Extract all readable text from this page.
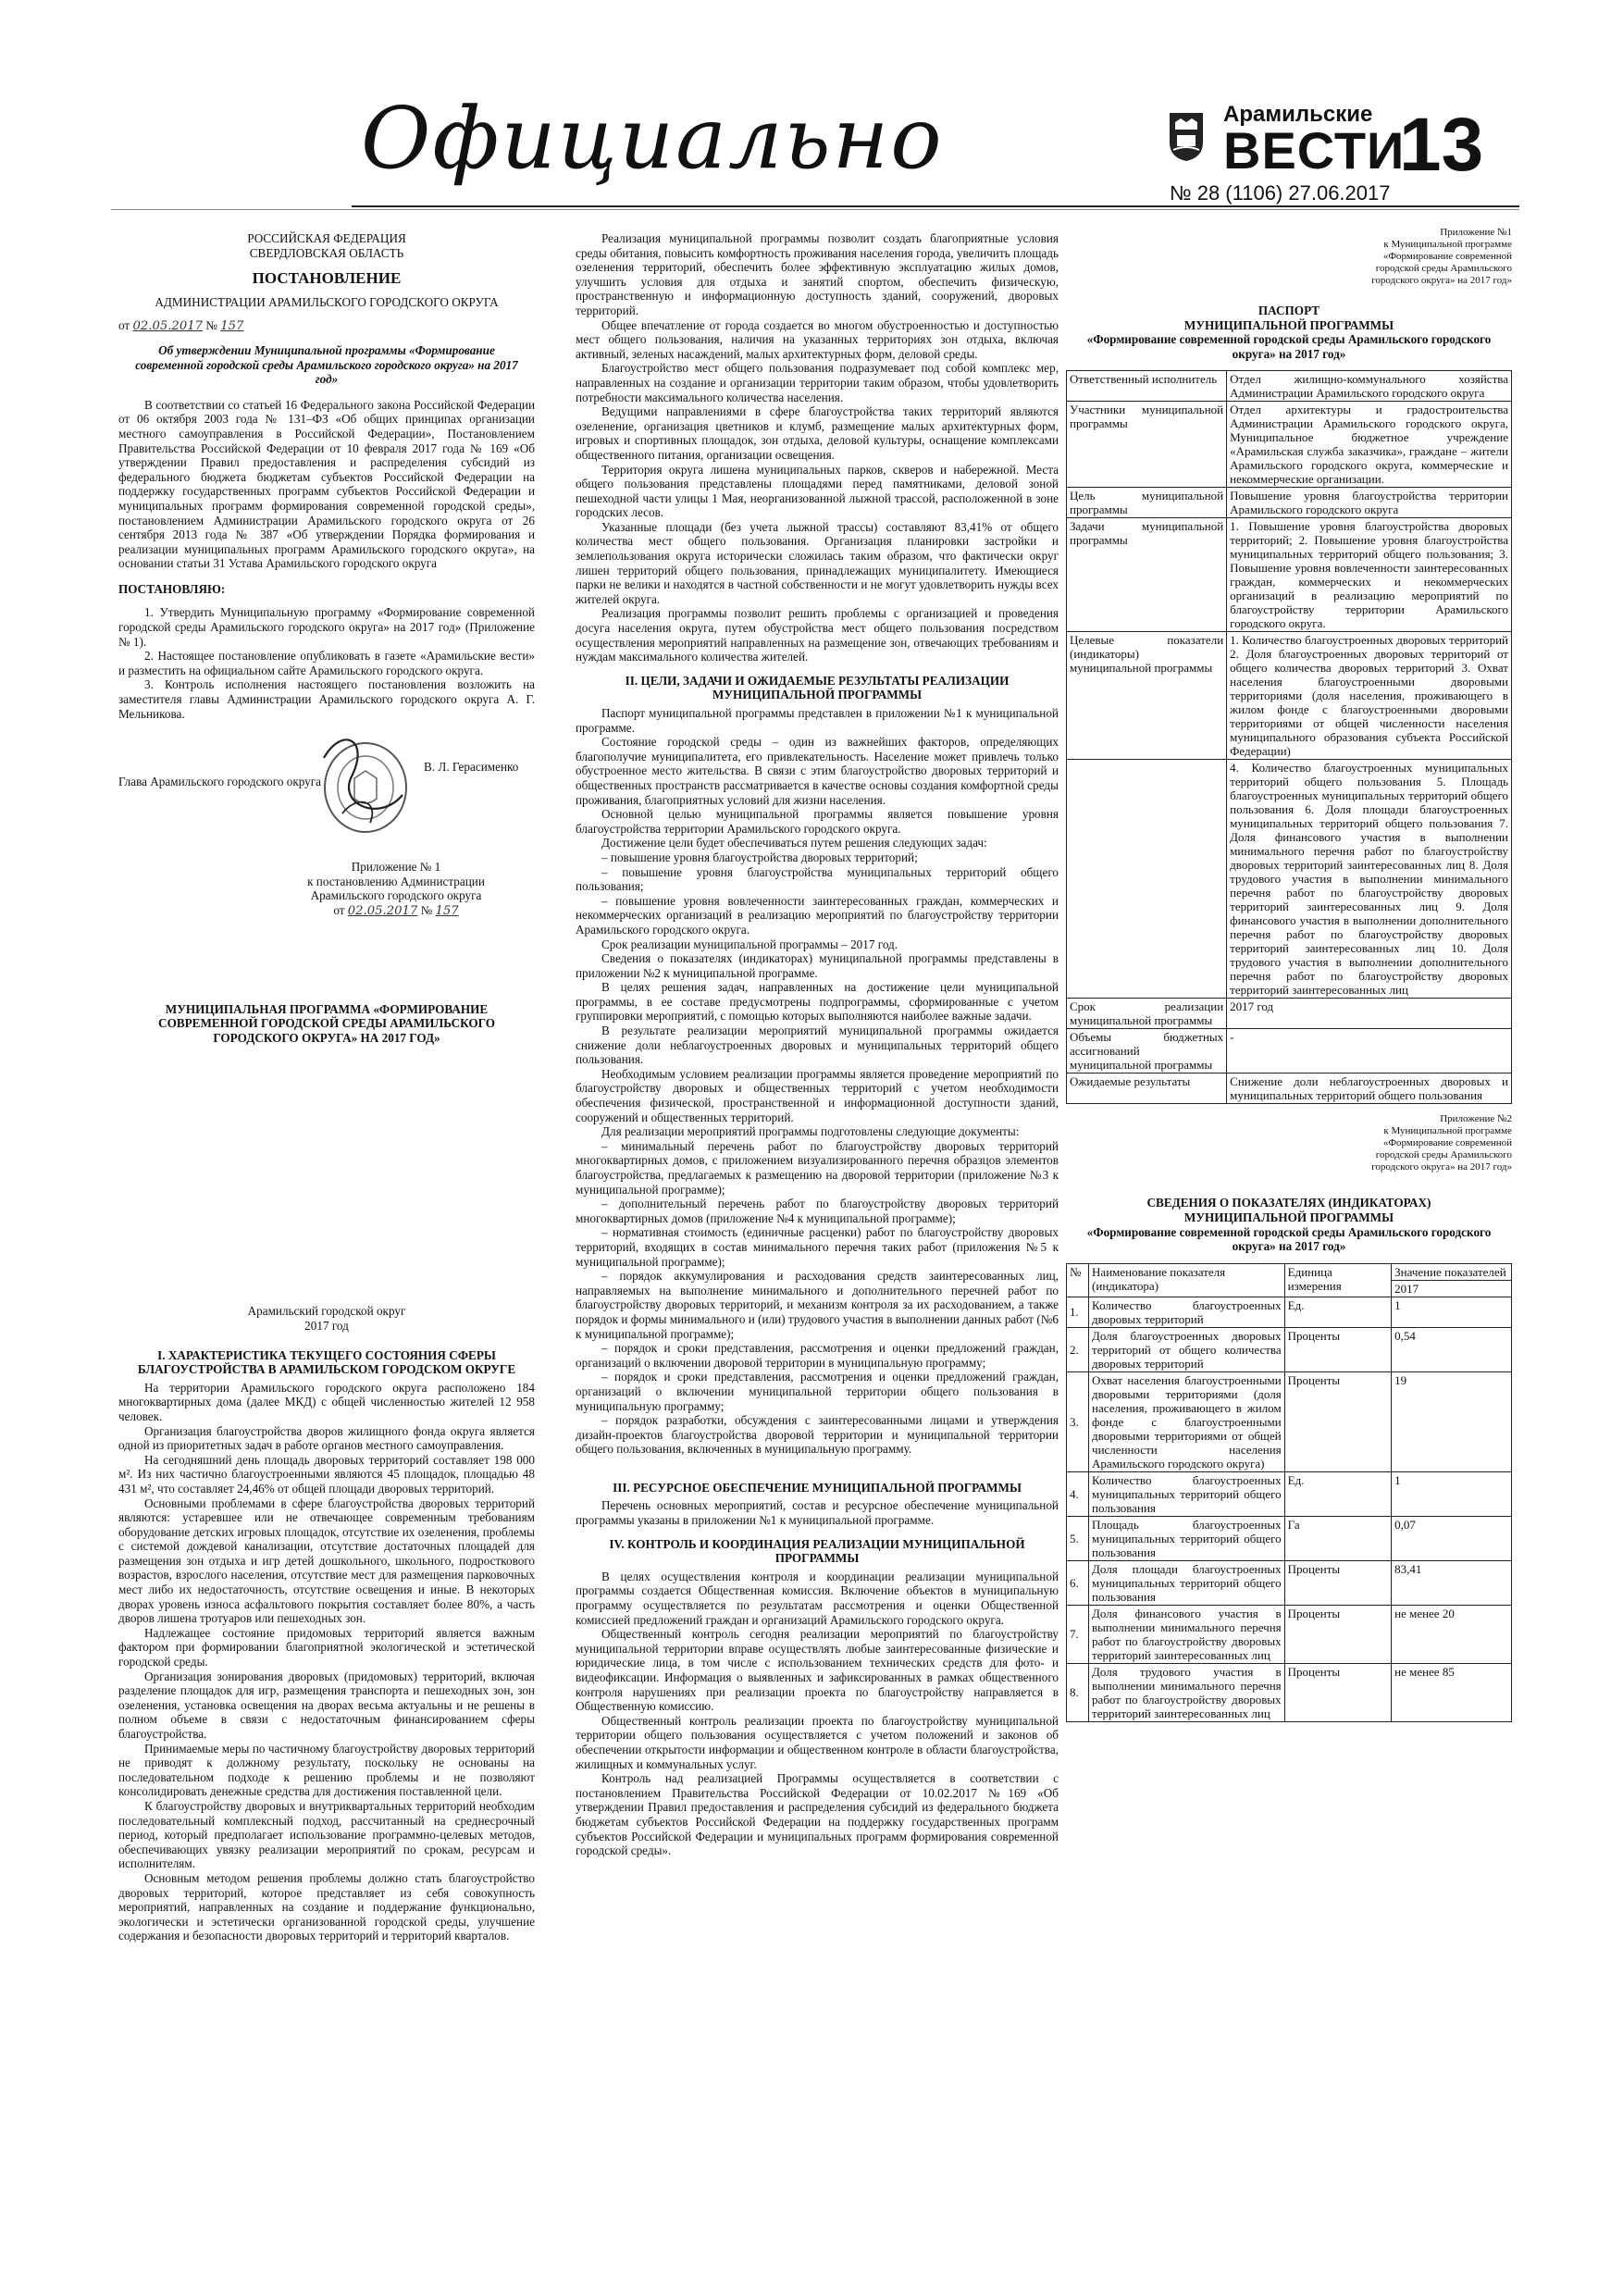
Официально	Арамильские
ВЕСТИ
13
№ 28 (1106) 27.06.2017
РОССИЙСКАЯ ФЕДЕРАЦИЯ
СВЕРДЛОВСКАЯ ОБЛАСТЬ
ПОСТАНОВЛЕНИЕ
АДМИНИСТРАЦИИ АРАМИЛЬСКОГО ГОРОДСКОГО ОКРУГА
от 02.05.2017 № 157
Об утверждении Муниципальной программы «Формирование современной городской среды Арамильского городского округа» на 2017 год»

В соответствии со статьей 16 Федерального закона Российской Федерации от 06 октября 2003 года № 131–ФЗ «Об общих принципах организации местного самоуправления в Российской Федерации», Постановлением Правительства Российской Федерации от 10 февраля 2017 года № 169 «Об утверждении Правил предоставления и распределения субсидий из федерального бюджета бюджетам субъектов Российской Федерации на поддержку государственных программ субъектов Российской Федерации и муниципальных программ формирования современной городской среды», постановлением Администрации Арамильского городского округа от 26 сентября 2013 года № 387 «Об утверждении Порядка формирования и реализации муниципальных программ Арамильского городского округа», на основании статьи 31 Устава Арамильского городского округа

ПОСТАНОВЛЯЮ:

1. Утвердить Муниципальную программу «Формирование современной городской среды Арамильского городского округа» на 2017 год» (Приложение № 1).

2. Настоящее постановление опубликовать в газете «Арамильские вести» и разместить на официальном сайте Арамильского городского округа.

3. Контроль исполнения настоящего постановления возложить на заместителя главы Администрации Арамильского городского округа А. Г. Мельникова.

Глава Арамильского городского округа
В. Л. Герасименко
Приложение № 1
к постановлению Администрации
Арамильского городского округа
от 02.05.2017 № 157
МУНИЦИПАЛЬНАЯ ПРОГРАММА «ФОРМИРОВАНИЕ СОВРЕМЕННОЙ ГОРОДСКОЙ СРЕДЫ АРАМИЛЬСКОГО ГОРОДСКОГО ОКРУГА» НА 2017 ГОД»
Арамильский городской округ
2017 год
I. ХАРАКТЕРИСТИКА ТЕКУЩЕГО СОСТОЯНИЯ СФЕРЫ БЛАГОУСТРОЙСТВА В АРАМИЛЬСКОМ ГОРОДСКОМ ОКРУГЕ

На территории Арамильского городского округа расположено 184 многоквартирных дома (далее МКД) с общей численностью жителей 12 958 человек.

Организация благоустройства дворов жилищного фонда округа является одной из приоритетных задач в работе органов местного самоуправления.

На сегодняшний день площадь дворовых территорий составляет 198 000 м². Из них частично благоустроенными являются 45 площадок, площадью 48 431 м², что составляет 24,46% от общей площади дворовых территорий.

Основными проблемами в сфере благоустройства дворовых территорий являются: устаревшее или не отвечающее современным требованиям оборудование детских игровых площадок, отсутствие их озеленения, проблемы с системой дождевой канализации, отсутствие достаточных площадей для размещения зон отдыха и игр детей дошкольного, школьного, подросткового возрастов, взрослого населения, отсутствие мест для размещения парковочных мест либо их недостаточность, отсутствие освещения и иные. В некоторых дворах уровень износа асфальтового покрытия составляет более 80%, а часть дворов лишена тротуаров или пешеходных зон.

Надлежащее состояние придомовых территорий является важным фактором при формировании благоприятной экологической и эстетической городской среды.

Организация зонирования дворовых (придомовых) территорий, включая разделение площадок для игр, размещения транспорта и пешеходных зон, зон озеленения, установка освещения на дворах весьма актуальны и не решены в полном объеме в связи с недостаточным финансированием сферы благоустройства.

Принимаемые меры по частичному благоустройству дворовых территорий не приводят к должному результату, поскольку не основаны на последовательном подходе к решению проблемы и не позволяют консолидировать денежные средства для достижения поставленной цели.

К благоустройству дворовых и внутриквартальных территорий необходим последовательный комплексный подход, рассчитанный на среднесрочный период, который предполагает использование программно-целевых методов, обеспечивающих увязку реализации мероприятий по срокам, ресурсам и исполнителям.

Основным методом решения проблемы должно стать благоустройство дворовых территорий, которое представляет из себя совокупность мероприятий, направленных на создание и поддержание функционально, экологически и эстетически организованной городской среды, улучшение содержания и безопасности дворовых территорий и территорий кварталов.

Реализация муниципальной программы позволит создать благоприятные условия среды обитания, повысить комфортность проживания населения города, увеличить площадь озеленения территорий, обеспечить более эффективную эксплуатацию жилых домов, улучшить условия для отдыха и занятий спортом, обеспечить физическую, пространственную и информационную доступность зданий, сооружений, дворовых территорий.

Общее впечатление от города создается во многом обустроенностью и доступностью мест общего пользования, наличия на указанных территориях зон отдыха, включая активный, зеленых насаждений, малых архитектурных форм, деловой среды.

Благоустройство мест общего пользования подразумевает под собой комплекс мер, направленных на создание и организации территории таким образом, чтобы удовлетворить потребности максимального количества населения.

Ведущими направлениями в сфере благоустройства таких территорий являются озеленение, организация цветников и клумб, размещение малых архитектурных форм, игровых и спортивных площадок, зон отдыха, деловой культуры, оснащение комплексами общественного питания, организации освещения.

Территория округа лишена муниципальных парков, скверов и набережной. Места общего пользования представлены площадями перед памятниками, деловой зоной пешеходной части улицы 1 Мая, неорганизованной лыжной трассой, расположенной в зоне городских лесов.

Указанные площади (без учета лыжной трассы) составляют 83,41% от общего количества мест общего пользования. Организация планировки застройки и землепользования округа исторически сложилась таким образом, что фактически округ лишен территорий общего пользования, принадлежащих муниципалитету. Имеющиеся парки не велики и находятся в частной собственности и не могут удовлетворить нужды всех жителей округа.

Реализация программы позволит решить проблемы с организацией и проведения досуга населения округа, путем обустройства мест общего пользования посредством осуществления мероприятий направленных на размещение зон, отвечающих требованиям и нуждам максимального количества жителей.

II. ЦЕЛИ, ЗАДАЧИ И ОЖИДАЕМЫЕ РЕЗУЛЬТАТЫ РЕАЛИЗАЦИИ МУНИЦИПАЛЬНОЙ ПРОГРАММЫ

Паспорт муниципальной программы представлен в приложении №1 к муниципальной программе.

Состояние городской среды – один из важнейших факторов, определяющих благополучие муниципалитета, его привлекательность. Население может привлечь только обустроенное место жительства. В связи с этим благоустройство дворовых территорий и общественных пространств рассматривается в качестве основы создания комфортной среды проживания, благоприятных условий для жизни населения.

Основной целью муниципальной программы является повышение уровня благоустройства территории Арамильского городского округа.

Достижение цели будет обеспечиваться путем решения следующих задач:

– повышение уровня благоустройства дворовых территорий;

– повышение уровня благоустройства муниципальных территорий общего пользования;

– повышение уровня вовлеченности заинтересованных граждан, коммерческих и некоммерческих организаций в реализацию мероприятий по благоустройству территории Арамильского городского округа.

Срок реализации муниципальной программы – 2017 год.

Сведения о показателях (индикаторах) муниципальной программы представлены в приложении №2 к муниципальной программе.

В целях решения задач, направленных на достижение цели муниципальной программы, в ее составе предусмотрены подпрограммы, сформированные с учетом группировки мероприятий, с помощью которых выполняются наиболее важные задачи.

В результате реализации мероприятий муниципальной программы ожидается снижение доли неблагоустроенных дворовых и муниципальных территорий общего пользования.

Необходимым условием реализации программы является проведение мероприятий по благоустройству дворовых и общественных территорий с учетом необходимости обеспечения физической, пространственной и информационной доступности зданий, сооружений и общественных территорий.

Для реализации мероприятий программы подготовлены следующие документы:

– минимальный перечень работ по благоустройству дворовых территорий многоквартирных домов, с приложением визуализированного перечня образцов элементов благоустройства, предлагаемых к размещению на дворовой территории (приложение №3 к муниципальной программе);

– дополнительный перечень работ по благоустройству дворовых территорий многоквартирных домов (приложение №4 к муниципальной программе);

– нормативная стоимость (единичные расценки) работ по благоустройству дворовых территорий, входящих в состав минимального перечня таких работ (приложения №5 к муниципальной программе);

– порядок аккумулирования и расходования средств заинтересованных лиц, направляемых на выполнение минимального и дополнительного перечней работ по благоустройству дворовых территорий, и механизм контроля за их расходованием, а также порядок и формы минимального и (или) трудового участия в выполнении данных работ (№6 к муниципальной программе);

– порядок и сроки представления, рассмотрения и оценки предложений граждан, организаций о включении дворовой территории в муниципальную программу;

– порядок и сроки представления, рассмотрения и оценки предложений граждан, организаций о включении муниципальной территории общего пользования в муниципальную программу;

– порядок разработки, обсуждения с заинтересованными лицами и утверждения дизайн-проектов благоустройства дворовой территории и муниципальной территории общего пользования, включенных в муниципальную программу.

III. РЕСУРСНОЕ ОБЕСПЕЧЕНИЕ МУНИЦИПАЛЬНОЙ ПРОГРАММЫ

Перечень основных мероприятий, состав и ресурсное обеспечение муниципальной программы указаны в приложении №1 к муниципальной программе.

IV. КОНТРОЛЬ И КООРДИНАЦИЯ РЕАЛИЗАЦИИ МУНИЦИПАЛЬНОЙ ПРОГРАММЫ

В целях осуществления контроля и координации реализации муниципальной программы создается Общественная комиссия. Включение объектов в муниципальную программу осуществляется по результатам рассмотрения и оценки Общественной комиссией предложений граждан и организаций Арамильского городского округа.

Общественный контроль сегодня реализации мероприятий по благоустройству муниципальной территории вправе осуществлять любые заинтересованные физические и юридические лица, в том числе с использованием технических средств для фото- и видеофиксации. Информация о выявленных и зафиксированных в рамках общественного контроля нарушениях при реализации проекта по благоустройству направляется в Общественную комиссию.

Общественный контроль реализации проекта по благоустройству муниципальной территории общего пользования осуществляется с учетом положений и законов об обеспечении открытости информации и общественном контроле в области благоустройства, жилищных и коммунальных услуг.

Контроль над реализацией Программы осуществляется в соответствии с постановлением Правительства Российской Федерации от 10.02.2017 №169 «Об утверждении Правил предоставления и распределения субсидий из федерального бюджета бюджетам субъектов Российской Федерации на поддержку государственных программ субъектов Российской Федерации и муниципальных программ формирования современной городской среды».

Приложение №1

к Муниципальной программе

«Формирование современной

городской среды Арамильского

городского округа» на 2017 год»

ПАСПОРТ
МУНИЦИПАЛЬНОЙ ПРОГРАММЫ
«Формирование современной городской среды Арамильского городского округа» на 2017 год»
Ответственный исполнитель	Отдел жилищно-коммунального хозяйства Администрации Арамильского городского округа
Участники муниципальной программы	Отдел архитектуры и градостроительства Администрации Арамильского городского округа, Муниципальное бюджетное учреждение «Арамильская служба заказчика», граждане – жители Арамильского городского округа, коммерческие и некоммерческие организации.
Цель муниципальной программы	Повышение уровня благоустройства территории Арамильского городского округа
Задачи муниципальной программы	1. Повышение уровня благоустройства дворовых территорий; 2. Повышение уровня благоустройства муниципальных территорий общего пользования; 3. Повышение уровня вовлеченности заинтересованных граждан, коммерческих и некоммерческих организаций в реализацию мероприятий по благоустройству территории Арамильского городского округа.
Целевые показатели (индикаторы) муниципальной программы	1. Количество благоустроенных дворовых территорий 2. Доля благоустроенных дворовых территорий от общего количества дворовых территорий 3. Охват населения благоустроенными дворовыми территориями (доля населения, проживающего в жилом фонде с благоустроенными дворовыми территориями от общей численности населения муниципального образования субъекта Российской Федерации)
	4. Количество благоустроенных муниципальных территорий общего пользования 5. Площадь благоустроенных муниципальных территорий общего пользования 6. Доля площади благоустроенных муниципальных территорий общего пользования 7. Доля финансового участия в выполнении минимального перечня работ по благоустройству дворовых территорий заинтересованных лиц 8. Доля трудового участия в выполнении минимального перечня работ по благоустройству дворовых территорий заинтересованных лиц 9. Доля финансового участия в выполнении дополнительного перечня работ по благоустройству дворовых территорий заинтересованных лиц 10. Доля трудового участия в выполнении дополнительного перечня работ по благоустройству дворовых территорий заинтересованных лиц
Срок реализации муниципальной программы	2017 год
Объемы бюджетных ассигнований муниципальной программы	-
Ожидаемые результаты	Снижение доли неблагоустроенных дворовых и муниципальных территорий общего пользования

Приложение №2

к Муниципальной программе

«Формирование современной

городской среды Арамильского

городского округа» на 2017 год»

СВЕДЕНИЯ О ПОКАЗАТЕЛЯХ (ИНДИКАТОРАХ)
МУНИЦИПАЛЬНОЙ ПРОГРАММЫ
«Формирование современной городской среды Арамильского городского округа» на 2017 год»
№	Наименование показателя (индикатора)	Единица измерения	Значение показателей
			2017
1.	Количество благоустроенных дворовых территорий	Ед.	1
2.	Доля благоустроенных дворовых территорий от общего количества дворовых территорий	Проценты	0,54
3.	Охват населения благоустроенными дворовыми территориями (доля населения, проживающего в жилом фонде с благоустроенными дворовыми территориями от общей численности населения Арамильского городского округа)	Проценты	19
4.	Количество благоустроенных муниципальных территорий общего пользования	Ед.	1
5.	Площадь благоустроенных муниципальных территорий общего пользования	Га	0,07
6.	Доля площади благоустроенных муниципальных территорий общего пользования	Проценты	83,41
7.	Доля финансового участия в выполнении минимального перечня работ по благоустройству дворовых территорий заинтересованных лиц	Проценты	не менее 20
8.	Доля трудового участия в выполнении минимального перечня работ по благоустройству дворовых территорий заинтересованных лиц	Проценты	не менее 85
